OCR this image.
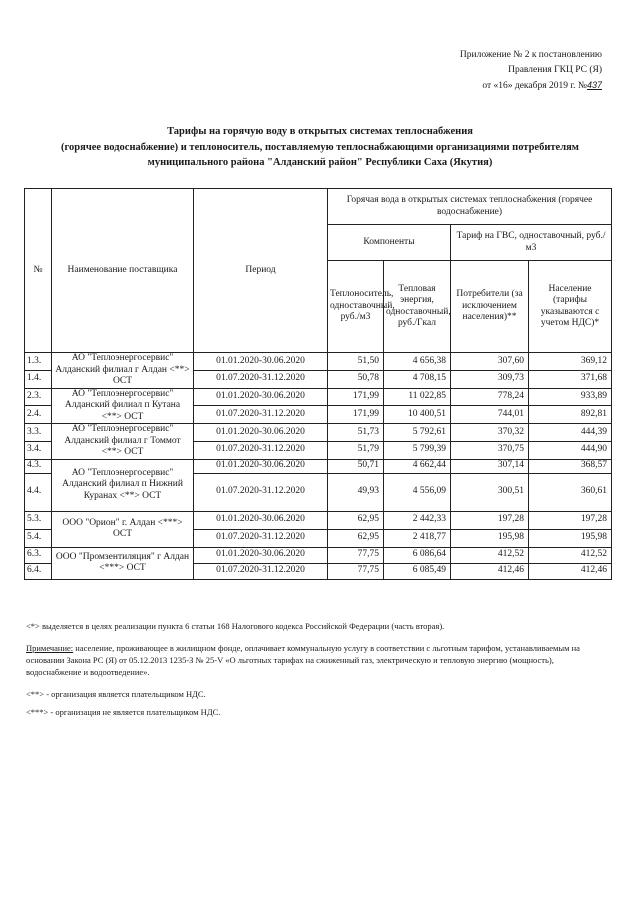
Приложение № 2 к постановлению
Правления ГКЦ РС (Я)
от «16» декабря 2019 г. №437
Тарифы на горячую воду в открытых системах теплоснабжения
(горячее водоснабжение) и теплоноситель, поставляемую теплоснабжающими организациями потребителям
муниципального района "Алданский район" Республики Саха (Якутия)
№	Наименование поставщика	Период	Горячая вода в открытых системах теплоснабжения (горячее водоснабжение)			
			Компоненты		Тариф на ГВС, одноставочный, руб./м3	
			Теплоноситель, одноставочный, руб./м3	Тепловая энергия, одноставочный, руб./Гкал	Потребители (за исключением населения)**	Население (тарифы указываются с учетом НДС)*
1.3.	АО "Теплоэнергосервис" Алданский филиал г Алдан <**> ОСТ	01.01.2020-30.06.2020	51,50	4 656,38	307,60	369,12
1.4.		01.07.2020-31.12.2020	50,78	4 708,15	309,73	371,68
2.3.	АО "Теплоэнергосервис" Алданский филиал п Кутана <**> ОСТ	01.01.2020-30.06.2020	171,99	11 022,85	778,24	933,89
2.4.		01.07.2020-31.12.2020	171,99	10 400,51	744,01	892,81
3.3.	АО "Теплоэнергосервис" Алданский филиал г Томмот <**> ОСТ	01.01.2020-30.06.2020	51,73	5 792,61	370,32	444,39
3.4.		01.07.2020-31.12.2020	51,79	5 799,39	370,75	444,90
4.3.	АО "Теплоэнергосервис" Алданский филиал п Нижний Куранах <**> ОСТ	01.01.2020-30.06.2020	50,71	4 662,44	307,14	368,57
4.4.		01.07.2020-31.12.2020	49,93	4 556,09	300,51	360,61
5.3.	ООО "Орион" г. Алдан <***> ОСТ	01.01.2020-30.06.2020	62,95	2 442,33	197,28	197,28
5.4.		01.07.2020-31.12.2020	62,95	2 418,77	195,98	195,98
6.3.	ООО "Промзентиляция" г Алдан <***> ОСТ	01.01.2020-30.06.2020	77,75	6 086,64	412,52	412,52
6.4.		01.07.2020-31.12.2020	77,75	6 085,49	412,46	412,46

<*> выделяется в целях реализации пункта 6 статьи 168 Налогового кодекса Российской Федерации (часть вторая).

Примечание: население, проживающее в жилищном фонде, оплачивает коммунальную услугу в соответствии с льготным тарифом, устанавливаемым на основании Закона РС (Я) от 05.12.2013 1235-З № 25-V «О льготных тарифах на сжиженный газ, электрическую и тепловую энергию (мощность), водоснабжение и водоотведение».

<**> - организация является плательщиком НДС.

<***> - организация не является плательщиком НДС.
